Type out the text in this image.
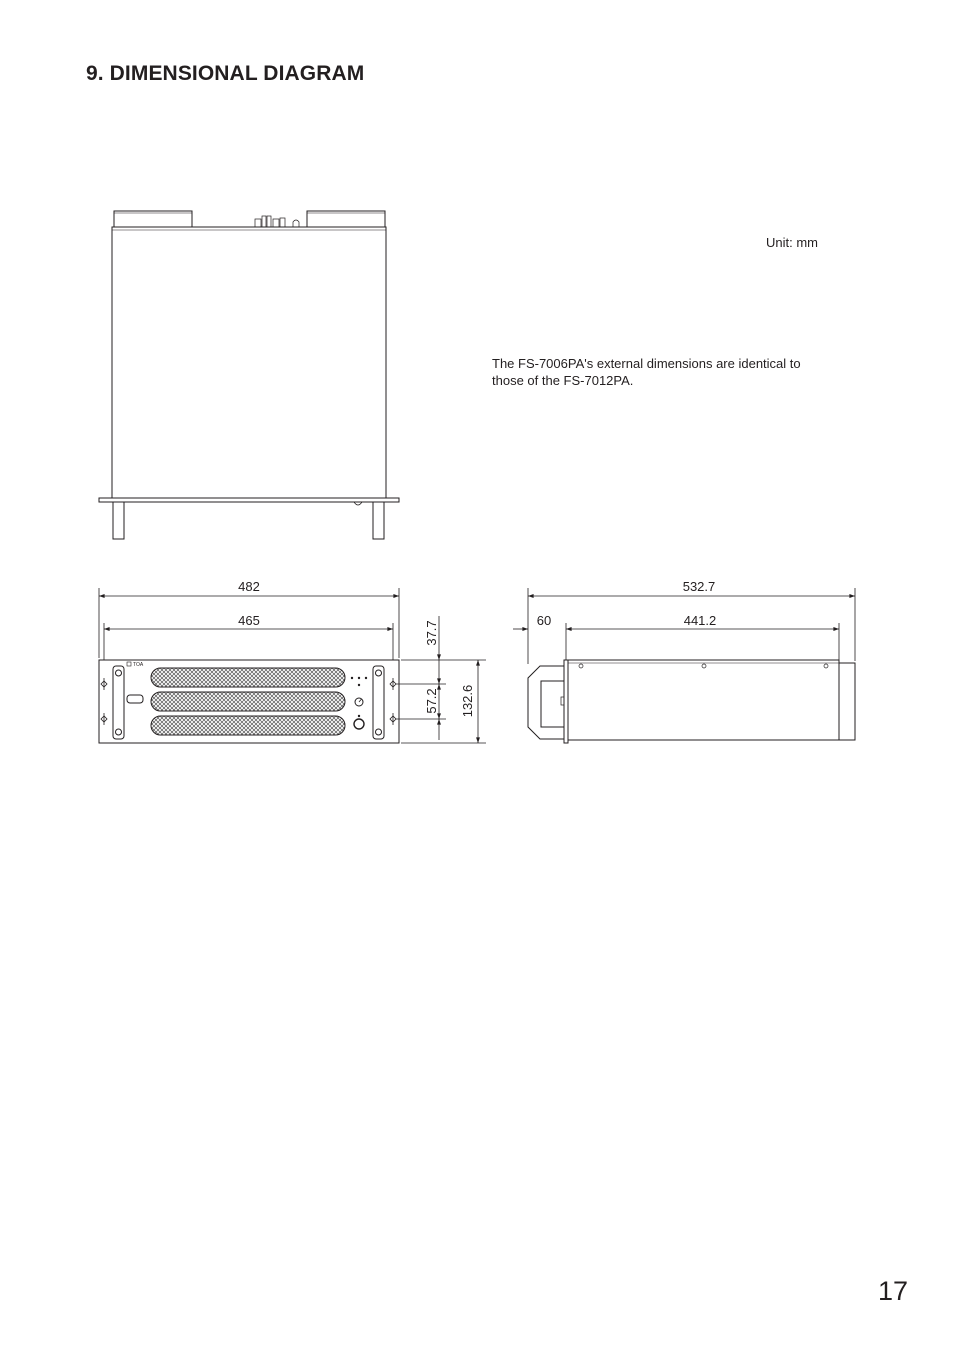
9. DIMENSIONAL DIAGRAM
Unit: mm
The FS-7006PA's external dimensions are identical to those of the FS-7012PA.
17
TOA
482
465	37.7
57.2 132.6
532.7
60	441.2
